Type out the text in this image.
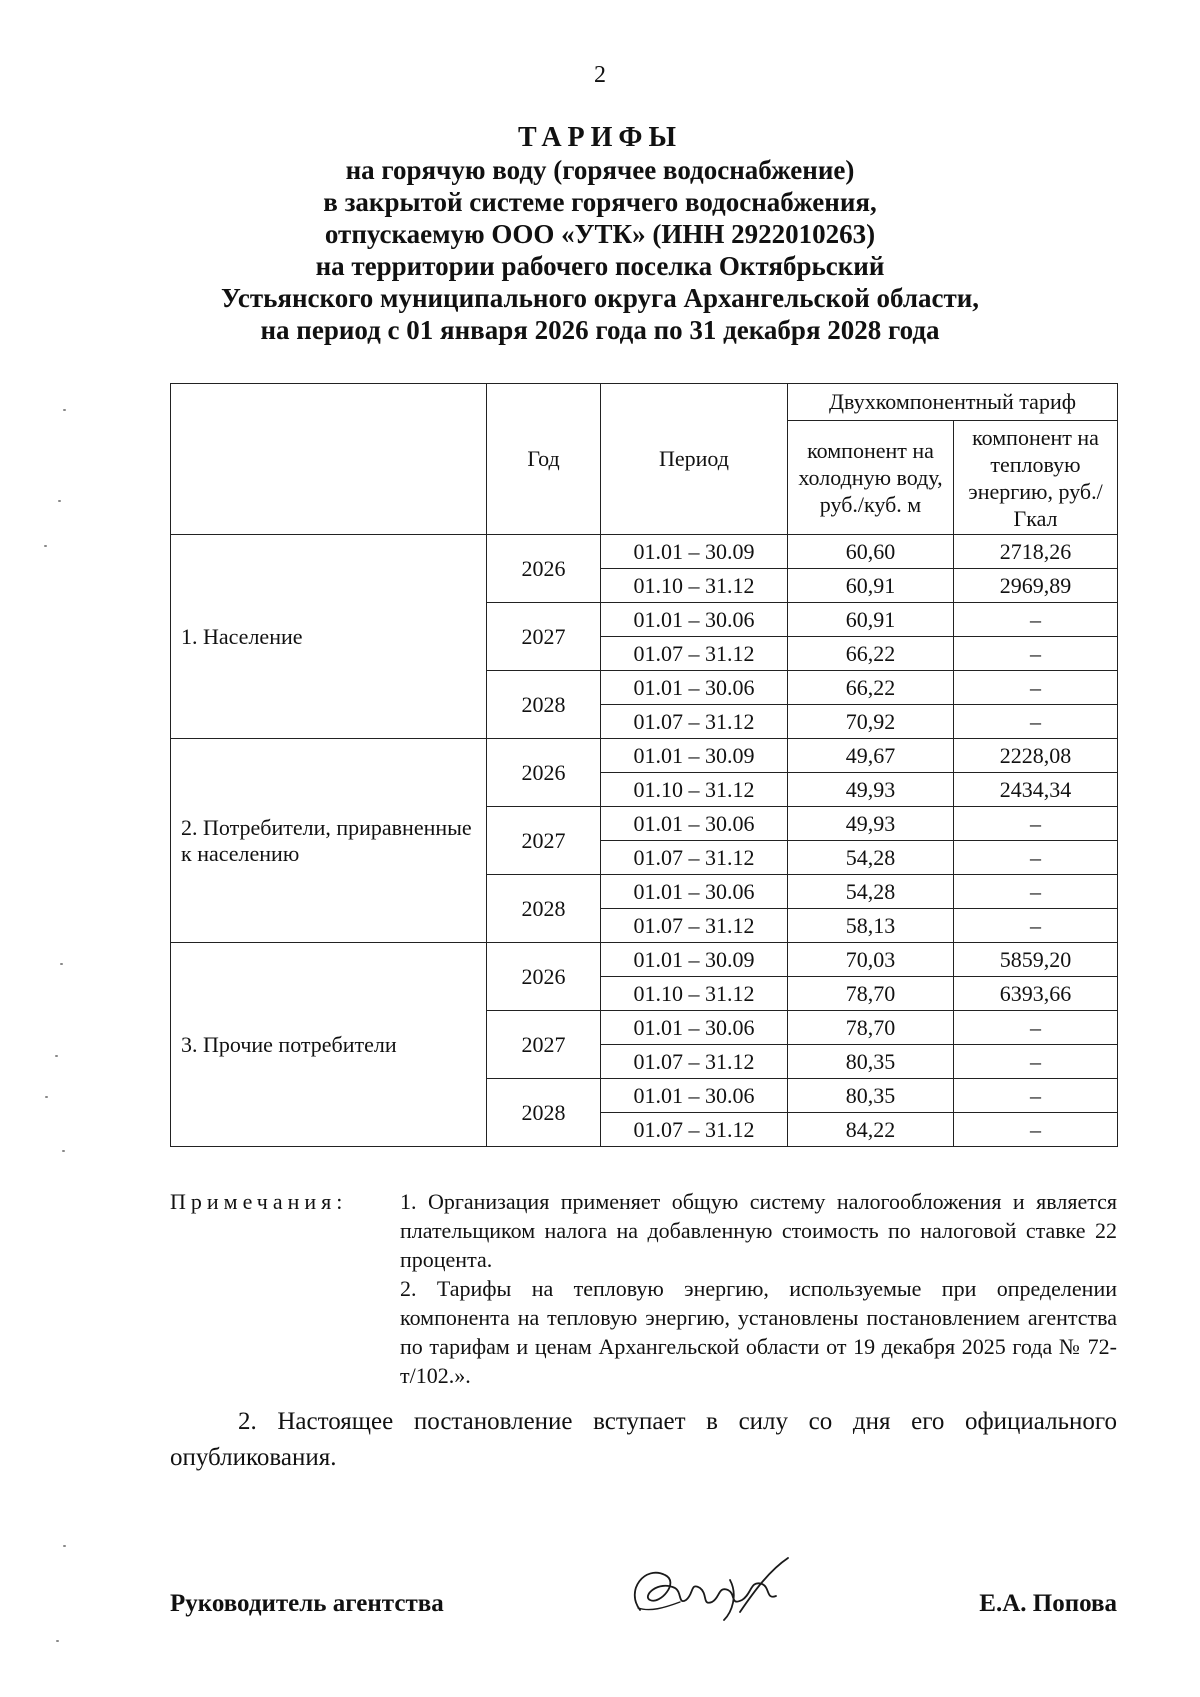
2
ТАРИФЫ
на горячую воду (горячее водоснабжение)
в закрытой системе горячего водоснабжения,
отпускаемую ООО «УТК» (ИНН 2922010263)
на территории рабочего поселка Октябрьский
Устьянского муниципального округа Архангельской области,
на период с 01 января 2026 года по 31 декабря 2028 года
	Год	Период	Двухкомпонентный тариф	
			компонент на холодную воду, руб./куб. м	компонент на тепловую энергию, руб./Гкал
1. Население	2026	01.01 – 30.09	60,60	2718,26
		01.10 – 31.12	60,91	2969,89
	2027	01.01 – 30.06	60,91	–
		01.07 – 31.12	66,22	–
	2028	01.01 – 30.06	66,22	–
		01.07 – 31.12	70,92	–
2. Потребители, приравненные к населению	2026	01.01 – 30.09	49,67	2228,08
		01.10 – 31.12	49,93	2434,34
	2027	01.01 – 30.06	49,93	–
		01.07 – 31.12	54,28	–
	2028	01.01 – 30.06	54,28	–
		01.07 – 31.12	58,13	–
3. Прочие потребители	2026	01.01 – 30.09	70,03	5859,20
		01.10 – 31.12	78,70	6393,66
	2027	01.01 – 30.06	78,70	–
		01.07 – 31.12	80,35	–
	2028	01.01 – 30.06	80,35	–
		01.07 – 31.12	84,22	–
Примечания: 1. Организация применяет общую систему налогообложения и является плательщиком налога на добавленную стоимость по налоговой ставке 22 процента.

2. Тарифы на тепловую энергию, используемые при определении компонента на тепловую энергию, установлены постановлением агентства по тарифам и ценам Архангельской области от 19 декабря 2025 года № 72-т/102.».

2. Настоящее постановление вступает в силу со дня его официального опубликования.
Руководитель агентства	Е.А. Попова
